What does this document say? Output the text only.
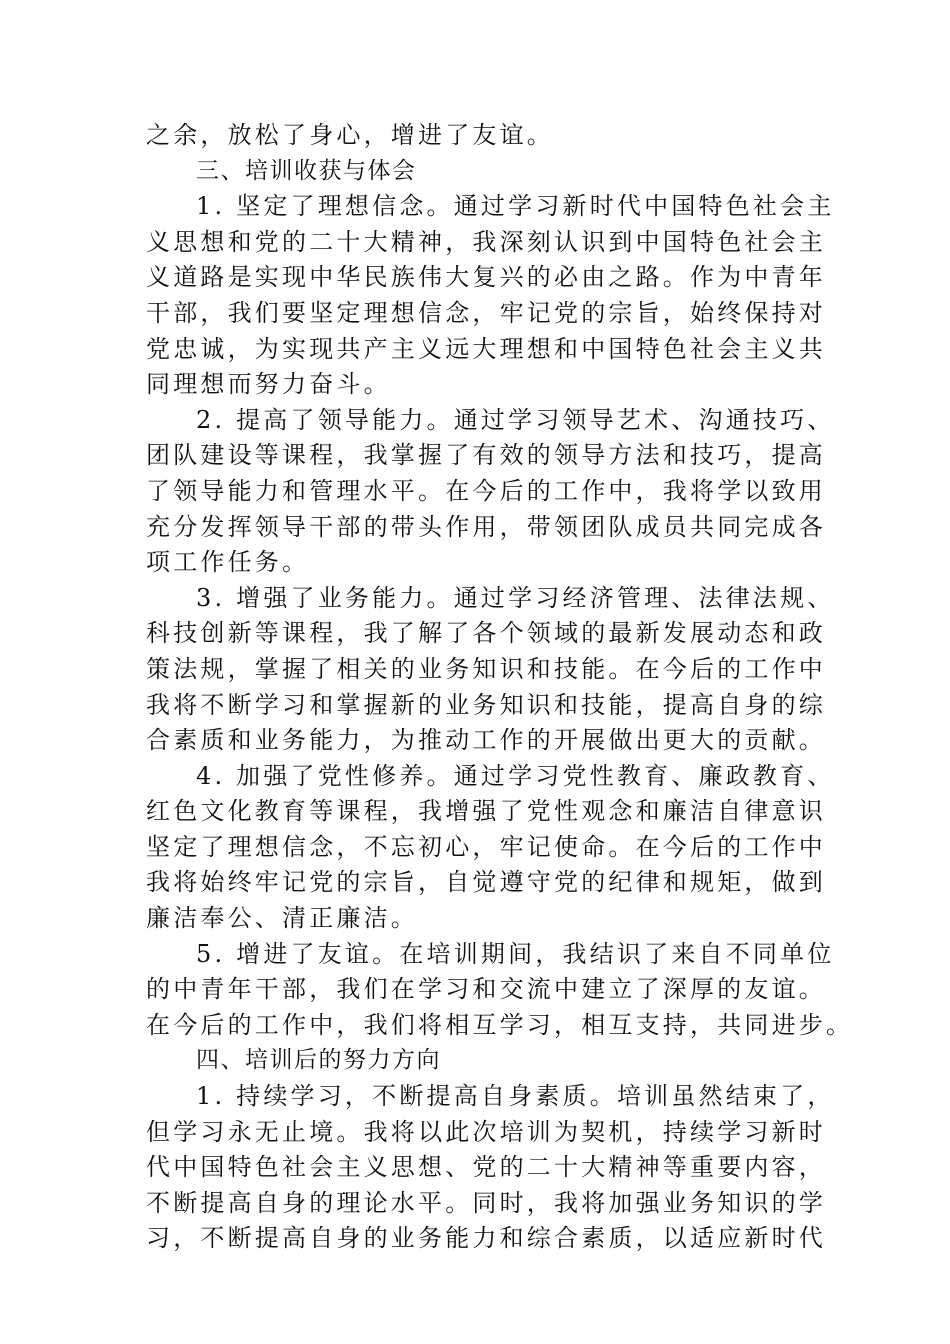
之余，放松了身心，增进了友谊。
三、培训收获与体会
1. 坚定了理想信念。通过学习新时代中国特色社会主
义思想和党的二十大精神，我深刻认识到中国特色社会主
义道路是实现中华民族伟大复兴的必由之路。作为中青年
干部，我们要坚定理想信念，牢记党的宗旨，始终保持对
党忠诚，为实现共产主义远大理想和中国特色社会主义共
同理想而努力奋斗。
2. 提高了领导能力。通过学习领导艺术、沟通技巧、
团队建设等课程，我掌握了有效的领导方法和技巧，提高
了领导能力和管理水平。在今后的工作中，我将学以致用
充分发挥领导干部的带头作用，带领团队成员共同完成各
项工作任务。
3. 增强了业务能力。通过学习经济管理、法律法规、
科技创新等课程，我了解了各个领域的最新发展动态和政
策法规，掌握了相关的业务知识和技能。在今后的工作中
我将不断学习和掌握新的业务知识和技能，提高自身的综
合素质和业务能力，为推动工作的开展做出更大的贡献。
4. 加强了党性修养。通过学习党性教育、廉政教育、
红色文化教育等课程，我增强了党性观念和廉洁自律意识
坚定了理想信念，不忘初心，牢记使命。在今后的工作中
我将始终牢记党的宗旨，自觉遵守党的纪律和规矩，做到
廉洁奉公、清正廉洁。
5. 增进了友谊。在培训期间，我结识了来自不同单位
的中青年干部，我们在学习和交流中建立了深厚的友谊。
在今后的工作中，我们将相互学习，相互支持，共同进步。
四、培训后的努力方向
1. 持续学习，不断提高自身素质。培训虽然结束了，
但学习永无止境。我将以此次培训为契机，持续学习新时
代中国特色社会主义思想、党的二十大精神等重要内容，
不断提高自身的理论水平。同时，我将加强业务知识的学
习，不断提高自身的业务能力和综合素质，以适应新时代
